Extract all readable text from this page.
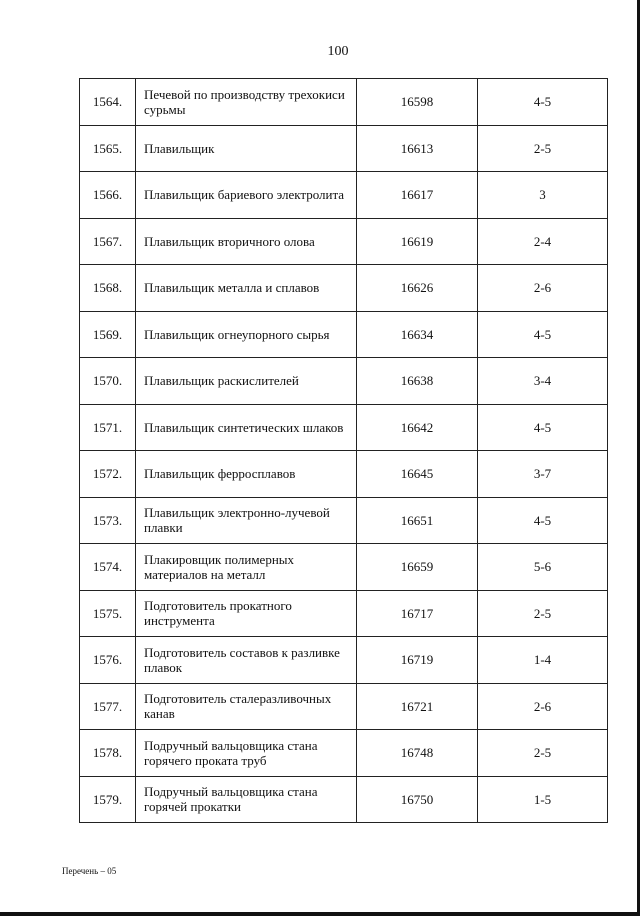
100
1564.	Печевой по производству трехокиси сурьмы	16598	4-5
1565.	Плавильщик	16613	2-5
1566.	Плавильщик бариевого электролита	16617	3
1567.	Плавильщик вторичного олова	16619	2-4
1568.	Плавильщик металла и сплавов	16626	2-6
1569.	Плавильщик огнеупорного сырья	16634	4-5
1570.	Плавильщик раскислителей	16638	3-4
1571.	Плавильщик синтетических шлаков	16642	4-5
1572.	Плавильщик ферросплавов	16645	3-7
1573.	Плавильщик электронно-лучевой плавки	16651	4-5
1574.	Плакировщик полимерных материалов на металл	16659	5-6
1575.	Подготовитель прокатного инструмента	16717	2-5
1576.	Подготовитель составов к разливке плавок	16719	1-4
1577.	Подготовитель сталеразливочных канав	16721	2-6
1578.	Подручный вальцовщика стана горячего проката труб	16748	2-5
1579.	Подручный вальцовщика стана горячей прокатки	16750	1-5
Перечень – 05
